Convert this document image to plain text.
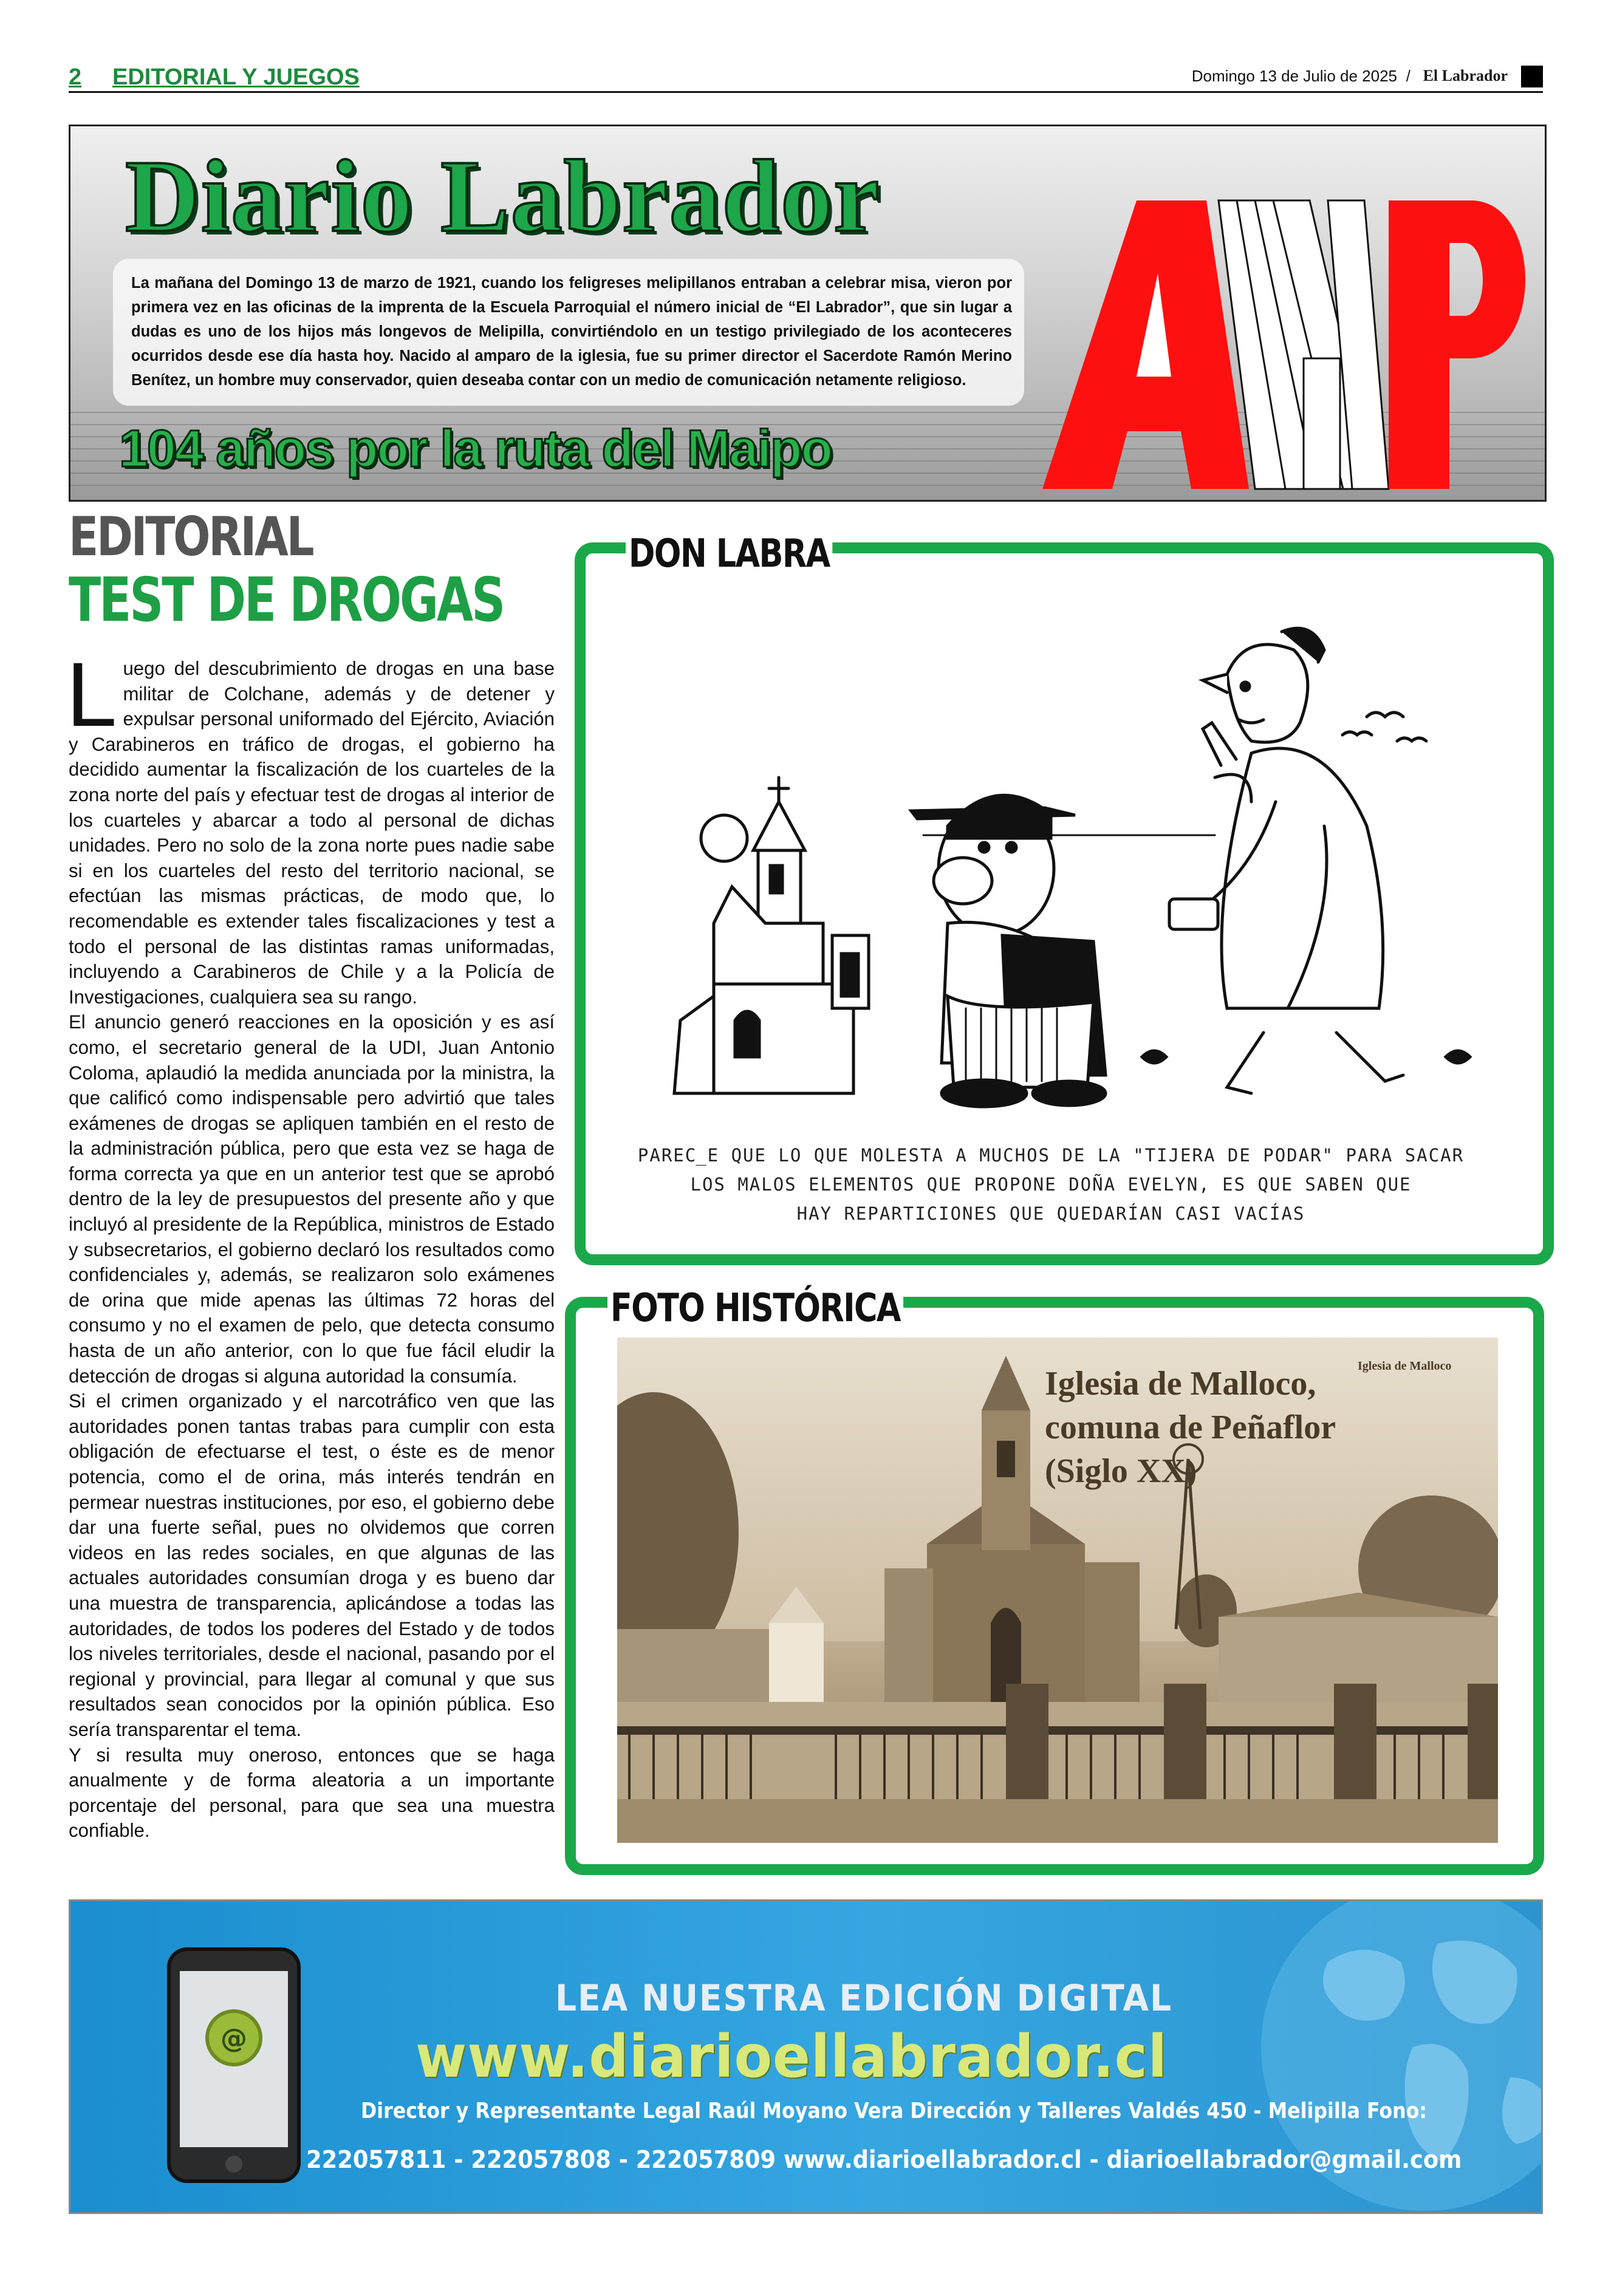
2 EDITORIAL Y JUEGOS	Domingo 13 de Julio de 2025 / El Labrador
Diario Labrador
La mañana del Domingo 13 de marzo de 1921, cuando los feligreses melipillanos entraban a celebrar misa, vieron por primera vez en las oficinas de la imprenta de la Escuela Parroquial el número inicial de “El Labrador”, que sin lugar a dudas es uno de los hijos más longevos de Melipilla, convirtiéndolo en un testigo privilegiado de los aconteceres ocurridos desde ese día hasta hoy. Nacido al amparo de la iglesia, fue su primer director el Sacerdote Ramón Merino Benítez, un hombre muy conservador, quien deseaba contar con un medio de comunicación netamente religioso.
104 años por la ruta del Maipo
EDITORIAL
TEST DE DROGAS

Luego del descubrimiento de drogas en una base militar de Colchane, además y de detener y expulsar personal uniformado del Ejército, Aviación y Carabineros en tráfico de drogas, el gobierno ha decidido aumentar la fiscalización de los cuarteles de la zona norte del país y efectuar test de drogas al interior de los cuarteles y abarcar a todo al personal de dichas unidades. Pero no solo de la zona norte pues nadie sabe si en los cuarteles del resto del territorio nacional, se efectúan las mismas prácticas, de modo que, lo recomendable es extender tales fiscalizaciones y test a todo el personal de las distintas ramas uniformadas, incluyendo a Carabineros de Chile y a la Policía de Investigaciones, cualquiera sea su rango.

El anuncio generó reacciones en la oposición y es así como, el secretario general de la UDI, Juan Antonio Coloma, aplaudió la medida anunciada por la ministra, la que calificó como indispensable pero advirtió que tales exámenes de drogas se apliquen también en el resto de la administración pública, pero que esta vez se haga de forma correcta ya que en un anterior test que se aprobó dentro de la ley de presupuestos del presente año y que incluyó al presidente de la República, ministros de Estado y subsecretarios, el gobierno declaró los resultados como confidenciales y, además, se realizaron solo exámenes de orina que mide apenas las últimas 72 horas del consumo y no el examen de pelo, que detecta consumo hasta de un año anterior, con lo que fue fácil eludir la detección de drogas si alguna autoridad la consumía.

Si el crimen organizado y el narcotráfico ven que las autoridades ponen tantas trabas para cumplir con esta obligación de efectuarse el test, o éste es de menor potencia, como el de orina, más interés tendrán en permear nuestras instituciones, por eso, el gobierno debe dar una fuerte señal, pues no olvidemos que corren videos en las redes sociales, en que algunas de las actuales autoridades consumían droga y es bueno dar una muestra de transparencia, aplicándose a todas las autoridades, de todos los poderes del Estado y de todos los niveles territoriales, desde el nacional, pasando por el regional y provincial, para llegar al comunal y que sus resultados sean conocidos por la opinión pública. Eso sería transparentar el tema.

Y si resulta muy oneroso, entonces que se haga anualmente y de forma aleatoria a un importante porcentaje del personal, para que sea una muestra confiable.

DON LABRA
PAREC̲E QUE LO QUE MOLESTA A MUCHOS DE LA "TIJERA DE PODAR" PARA SACAR
LOS MALOS ELEMENTOS QUE PROPONE DOÑA EVELYN, ES QUE SABEN QUE
HAY REPARTICIONES QUE QUEDARÍAN CASI VACÍAS
FOTO HISTÓRICA
Iglesia de Malloco
Iglesia de Malloco,
comuna de Peñaflor
(Siglo XX)
@
LEA NUESTRA EDICIÓN DIGITAL
www.diarioellabrador.cl
Director y Representante Legal Raúl Moyano Vera Dirección y Talleres Valdés 450 - Melipilla Fono:
222057811 - 222057808 - 222057809 www.diarioellabrador.cl - diarioellabrador@gmail.com
